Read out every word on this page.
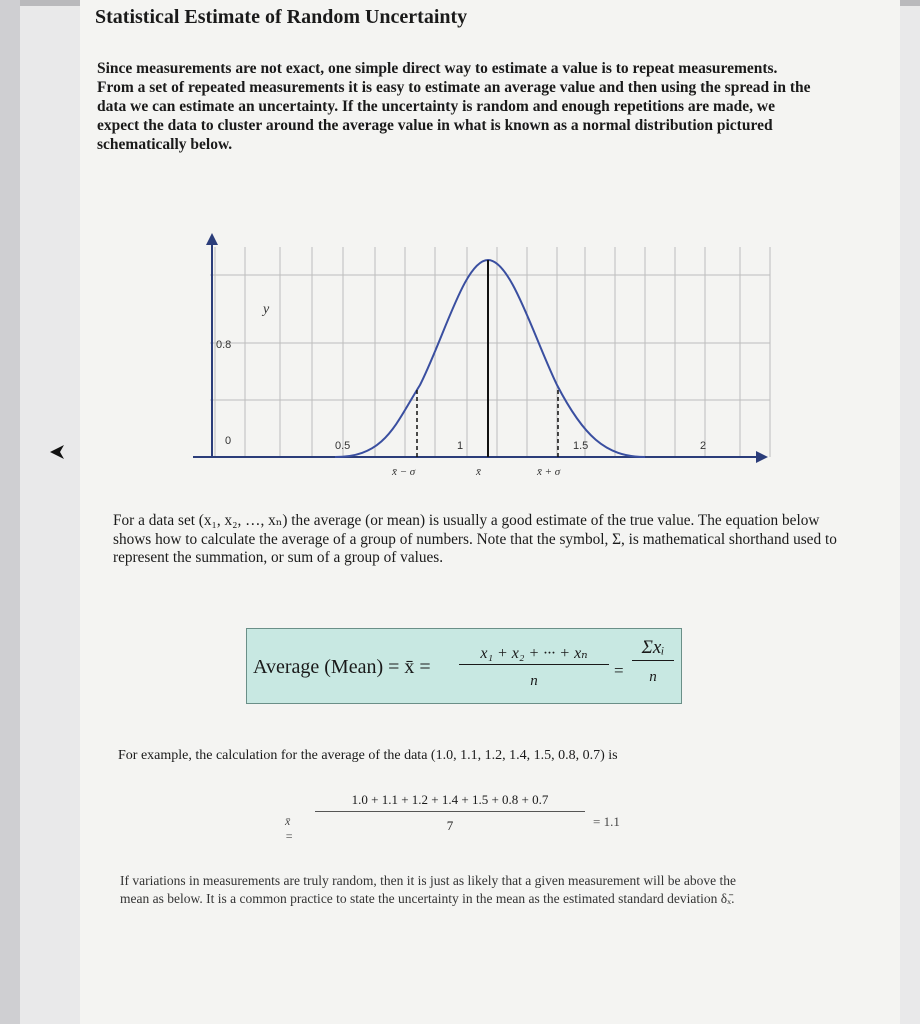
Statistical Estimate of Random Uncertainty

Since measurements are not exact, one simple direct way to estimate a value is to repeat measurements. From a set of repeated measurements it is easy to estimate an average value and then using the spread in the data we can estimate an uncertainty. If the uncertainty is random and enough repetitions are made, we expect the data to cluster around the average value in what is known as a normal distribution pictured schematically below.

y
0.8
0	0.5	1	1.5	2
x̄ − σ	x̄	x̄ + σ

For a data set (x₁, x₂, …, xₙ) the average (or mean) is usually a good estimate of the true value. The equation below shows how to calculate the average of a group of numbers. Note that the symbol, Σ, is mathematical shorthand used to represent the summation, or sum of a group of values.

Average (Mean) = x̄ = $\frac{\text{x₁ + x₂ + ··· + xₙ}}{n}$ =
Σxᵢ
n
For example, the calculation for the average of the data (1.0, 1.1, 1.2, 1.4, 1.5, 0.8, 0.7) is
x̄ =
$\frac{1.0 + 1.1 + 1.2 + 1.4 + 1.5 + 0.8 + 0.7}{7} = 1.1$

If variations in measurements are truly random, then it is just as likely that a given measurement will be above the mean as below. It is a common practice to state the uncertainty in the mean as the estimated standard deviation δₓ̄.
